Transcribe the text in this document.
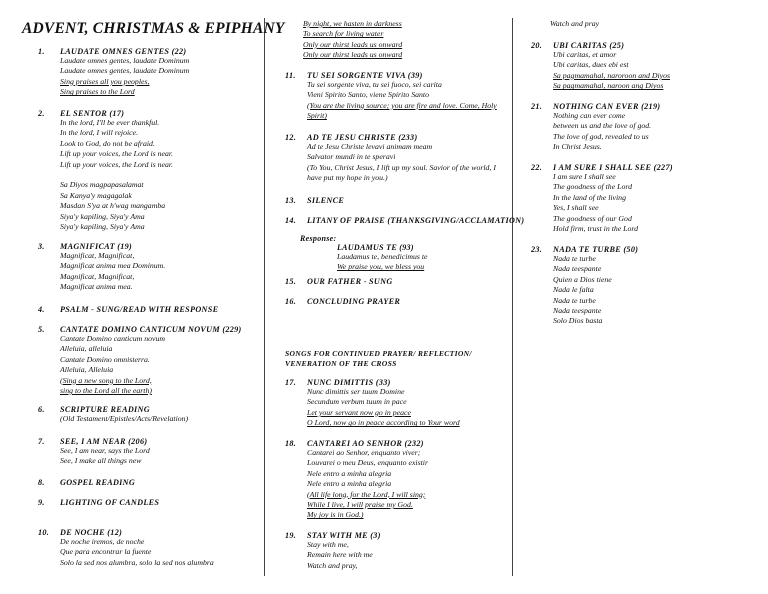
ADVENT, CHRISTMAS & EPIPHANY
1. LAUDATE OMNES GENTES (22)
Laudate omnes gentes, laudate Dominum
Laudate omnes gentes, laudate Dominum
Sing praises all you peoples,
Sing praises to the Lord
2. EL SENTOR (17)
In the lord, I'll be ever thankful.
In the lord, I will rejoice.
Look to God, do not be afraid.
Lift up your voices, the Lord is near.
Lift up your voices, the Lord is near.
Sa Diyos magpapasalamat
Sa Kanya'y magagalak
Masdan S'ya at h'wag mangamba
Siya'y kapiling, Siya'y Ama
Siya'y kapiling, Siya'y Ama
3. MAGNIFICAT (19)
Magnificat, Magnificat,
Magnificat anima mea Dominum.
Magnificat, Magnificat,
Magnificat anima mea.
4. PSALM - SUNG/READ WITH RESPONSE
5. CANTATE DOMINO CANTICUM NOVUM (229)
Cantate Domino canticum novum
Alleluia, alleluia
Cantate Domino omnisterra.
Alleluia, Alleluia
(Sing a new song to the Lord,
sing to the Lord all the earth)
6. SCRIPTURE READING
(Old Testament/Epistles/Acts/Revelation)
7. SEE, I AM NEAR (206)
See, I am near, says the Lord
See, I make all things new
8. GOSPEL READING
9. LIGHTING OF CANDLES
10. DE NOCHE (12)
De noche iremos, de noche
Que para encontrar la fuente
Solo la sed nos alumbra, solo la sed nos alumbra
By night, we hasten in darkness
To search for living water
Only our thirst leads us onward
Only our thirst leads us onward
11. TU SEI SORGENTE VIVA (39)
Tu sei sorgente viva, tu sei fuoco, sei carita
Vieni Spirito Santo, viene Spirito Santo
(You are the living source; you are fire and love. Come, Holy
Spirit)
12. AD TE JESU CHRISTE (233)
Ad te Jesu Christe levavi animam meam
Salvator mundi in te speravi
(To You, Christ Jesus, I lift up my soul. Savior of the world, I
have put my hope in you.)
13. SILENCE
14. LITANY OF PRAISE (THANKSGIVING/ACCLAMATION)
Response:
LAUDAMUS TE (93)
Laudamus te, benedicimus te
We praise you, we bless you
15. OUR FATHER - SUNG
16. CONCLUDING PRAYER
SONGS FOR CONTINUED PRAYER/ REFLECTION/
VENERATION OF THE CROSS
17. NUNC DIMITTIS (33)
Nunc dimittis ser tuum Domine
Secundum verbum tuum in pace
Let your servant now go in peace
O Lord, now go in peace according to Your word
18. CANTAREI AO SENHOR (232)
Cantarei ao Senhor, enquanto viver;
Louvarei o meu Deus, enquanto existir
Nele entro a minha alegria
Nele entro a minha alegria
(All life long, for the Lord, I will sing;
While I live, I will praise my God.
My joy is in God.)
19. STAY WITH ME (3)
Stay with me,
Remain here with me
Watch and pray,
Watch and pray
20. UBI CARITAS (25)
Ubi caritas, et amor
Ubi caritas, dues ebi est
Sa pagmamahal, naroroon and Diyos
Sa pagmamahal, naroon ang Diyos
21. NOTHING CAN EVER (219)
Nothing can ever come
between us and the love of god.
The love of god, revealed to us
In Christ Jesus.
22. I AM SURE I SHALL SEE (227)
I am sure I shall see
The goodness of the Lord
In the land of the living
Yes, I shall see
The goodness of our God
Hold firm, trust in the Lord
23. NADA TE TURBE (50)
Nada te turbe
Nada teespante
Quien a Dios tiene
Nada le falta
Nada te turbe
Nada teespante
Solo Dios basta
